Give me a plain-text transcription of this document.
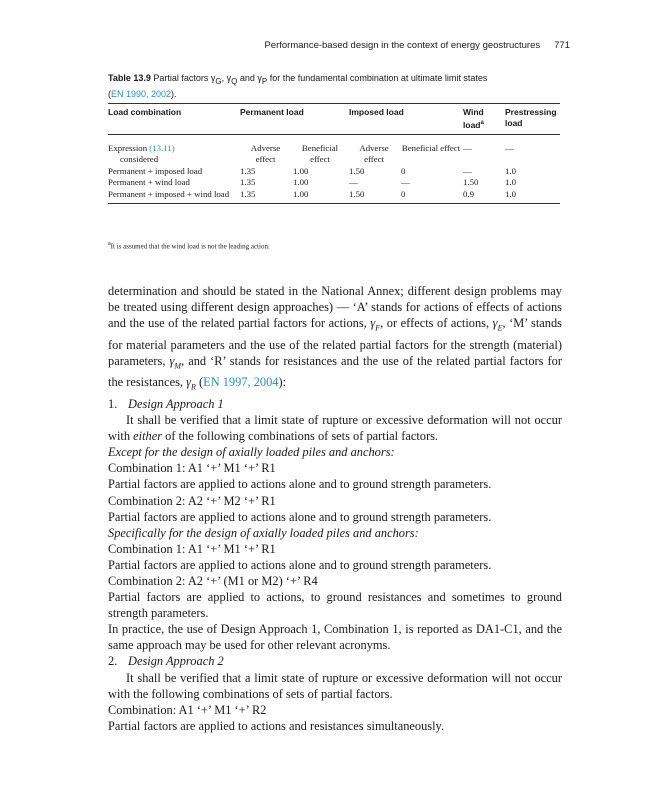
Performance-based design in the context of energy geostructures 771
Table 13.9 Partial factors $\gamma_G$, $\gamma_Q$ and $\gamma_P$ for the fundamental combination at ultimate limit states
(EN 1990, 2002).
Load combination	Permanent load		Imposed load		Wind load$^a$	Prestressing load
Expression (13.11)
considered	Adverse effect	Beneficial effect	Adverse effect	Beneficial effect	—	—

Permanent + imposed load	1.35	1.00	1.50	0	—	1.0

Permanent + wind load	1.35	1.00	—	—	1.50	1.0

Permanent + imposed + wind load	1.35	1.00	1.50	0	0.9	1.0
$^a$It is assumed that the wind load is not the leading action.

determination and should be stated in the National Annex; different design problems may be treated using different design approaches) — ‘A’ stands for actions of effects of actions and the use of the related partial factors for actions, $\gamma_F$, or effects of actions, $\gamma_E$, ‘M’ stands for material parameters and the use of the related partial factors for the strength (material) parameters, $\gamma_M$, and ‘R’ stands for resistances and the use of the related partial factors for the resistances, $\gamma_R$ (EN 1997, 2004):

1. Design Approach 1

It shall be verified that a limit state of rupture or excessive deformation will not occur with either of the following combinations of sets of partial factors.

Except for the design of axially loaded piles and anchors:

Combination 1: A1 ‘+’ M1 ‘+’ R1

Partial factors are applied to actions alone and to ground strength parameters.

Combination 2: A2 ‘+’ M2 ‘+’ R1

Partial factors are applied to actions alone and to ground strength parameters.

Specifically for the design of axially loaded piles and anchors:

Combination 1: A1 ‘+’ M1 ‘+’ R1

Partial factors are applied to actions alone and to ground strength parameters.

Combination 2: A2 ‘+’ (M1 or M2) ‘+’ R4

Partial factors are applied to actions, to ground resistances and sometimes to ground strength parameters.

In practice, the use of Design Approach 1, Combination 1, is reported as DA1-C1, and the same approach may be used for other relevant acronyms.

2. Design Approach 2

It shall be verified that a limit state of rupture or excessive deformation will not occur with the following combinations of sets of partial factors.

Combination: A1 ‘+’ M1 ‘+’ R2

Partial factors are applied to actions and resistances simultaneously.
